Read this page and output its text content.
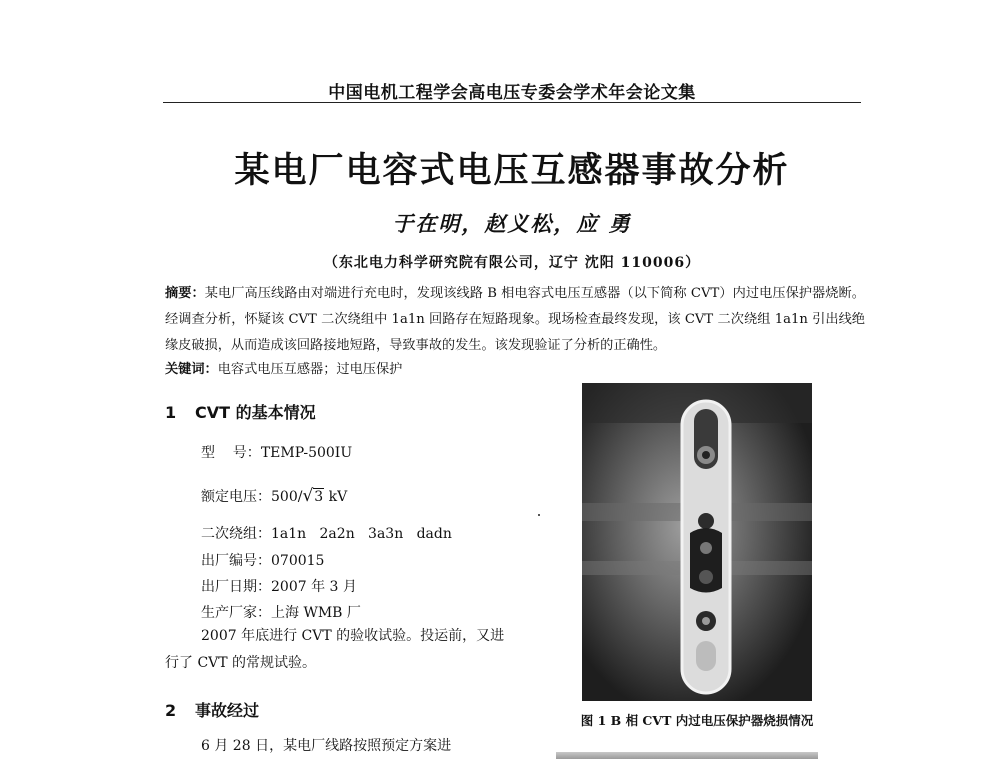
中国电机工程学会高电压专委会学术年会论文集
某电厂电容式电压互感器事故分析
于在明，赵义松，应 勇
（东北电力科学研究院有限公司，辽宁 沈阳 110006）
摘要：某电厂高压线路由对端进行充电时，发现该线路 B 相电容式电压互感器（以下简称 CVT）内过电压保护器烧断。经调查分析，怀疑该 CVT 二次绕组中 1a1n 回路存在短路现象。现场检查最终发现，该 CVT 二次绕组 1a1n 引出线绝缘皮破损，从而造成该回路接地短路，导致事故的发生。该发现验证了分析的正确性。
关键词：电容式电压互感器；过电压保护
1 CVT 的基本情况
型    号：TEMP-500IU
额定电压：500/√3 kV
二次绕组：1a1n   2a2n   3a3n   dadn
出厂编号：070015
出厂日期：2007 年 3 月
生产厂家：上海 WMB 厂
2007 年底进行 CVT 的验收试验。投运前，又进行了 CVT 的常规试验。
2 事故经过
6 月 28 日，某电厂线路按照预定方案进
图 1 B 相 CVT 内过电压保护器烧损情况
